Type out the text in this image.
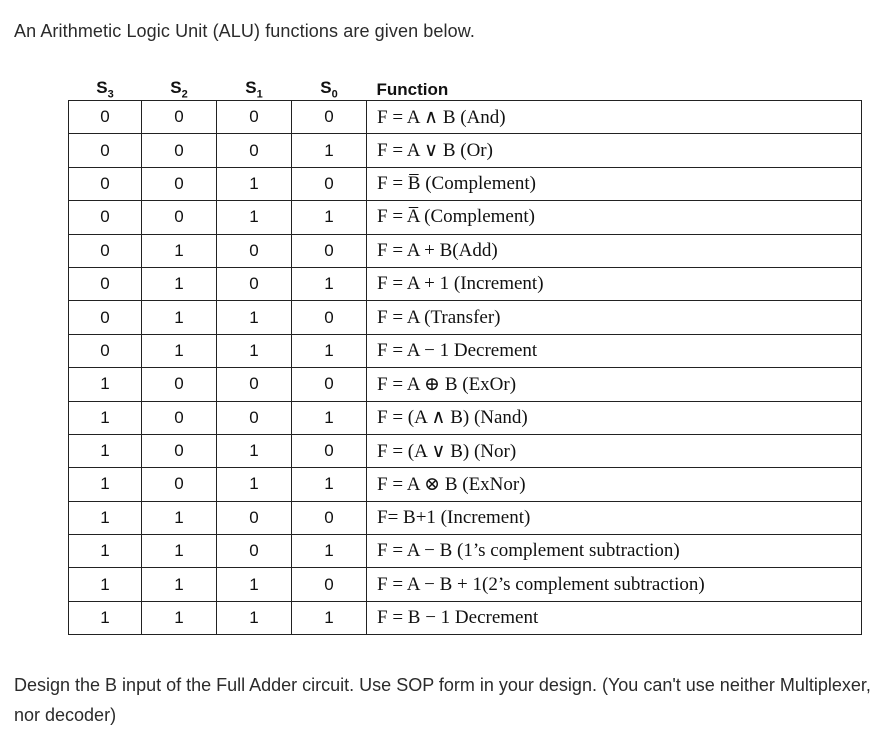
An Arithmetic Logic Unit (ALU) functions are given below.
$S_3$	$S_2$	$S_1$	$S_0$	Function
0	0	0	0	F = A ∧ B (And)
0	0	0	1	F = A ∨ B (Or)
0	0	1	0	F = B̅ (Complement)
0	0	1	1	F = A̅ (Complement)
0	1	0	0	F = A + B(Add)
0	1	0	1	F = A + 1 (Increment)
0	1	1	0	F = A (Transfer)
0	1	1	1	F = A − 1 Decrement
1	0	0	0	F = A ⊕ B (ExOr)
1	0	0	1	F = (A ∧ B) (Nand)
1	0	1	0	F = (A ∨ B) (Nor)
1	0	1	1	F = A ⊗ B (ExNor)
1	1	0	0	F= B+1 (Increment)
1	1	0	1	F = A − B (1’s complement subtraction)
1	1	1	0	F = A − B + 1(2’s complement subtraction)
1	1	1	1	F = B − 1 Decrement
Design the B input of the Full Adder circuit. Use SOP form in your design. (You can't use neither Multiplexer, nor decoder)
